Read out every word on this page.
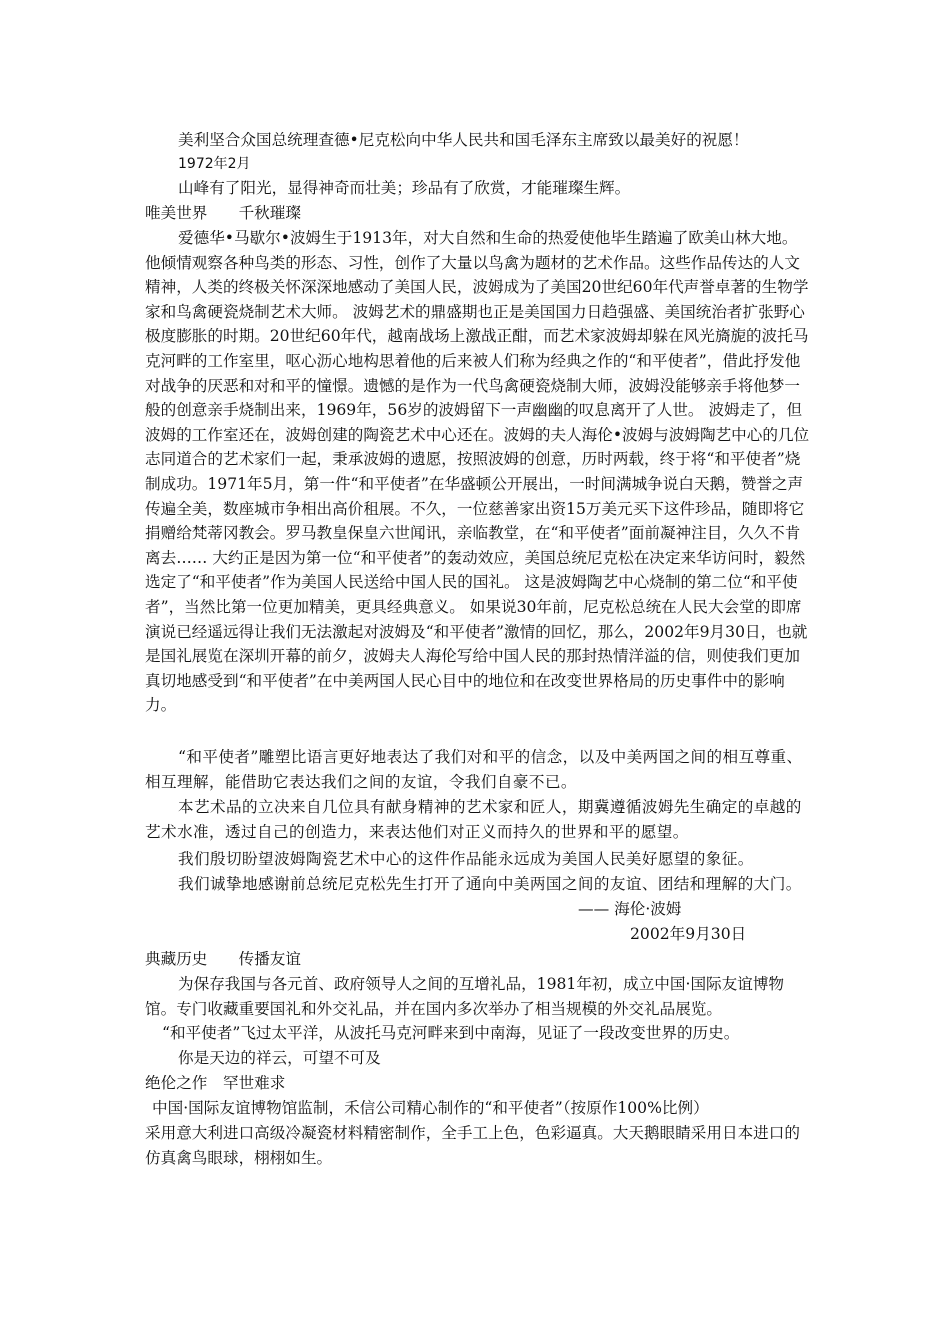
美利坚合众国总统理查德•尼克松向中华人民共和国毛泽东主席致以最美好的祝愿！

1972年2月

山峰有了阳光，显得神奇而壮美；珍品有了欣赏，才能璀璨生辉。

唯美世界　　千秋璀璨

爱德华•马歇尔•波姆生于1913年，对大自然和生命的热爱使他毕生踏遍了欧美山林大地。他倾情观察各种鸟类的形态、习性，创作了大量以鸟禽为题材的艺术作品。这些作品传达的人文精神，人类的终极关怀深深地感动了美国人民，波姆成为了美国20世纪60年代声誉卓著的生物学家和鸟禽硬瓷烧制艺术大师。 波姆艺术的鼎盛期也正是美国国力日趋强盛、美国统治者扩张野心极度膨胀的时期。20世纪60年代，越南战场上激战正酣，而艺术家波姆却躲在风光旖旎的波托马克河畔的工作室里，呕心沥心地构思着他的后来被人们称为经典之作的“和平使者”，借此抒发他对战争的厌恶和对和平的憧憬。遗憾的是作为一代鸟禽硬瓷烧制大师，波姆没能够亲手将他梦一般的创意亲手烧制出来，1969年，56岁的波姆留下一声幽幽的叹息离开了人世。 波姆走了，但波姆的工作室还在，波姆创建的陶瓷艺术中心还在。波姆的夫人海伦•波姆与波姆陶艺中心的几位志同道合的艺术家们一起，秉承波姆的遗愿，按照波姆的创意，历时两载，终于将“和平使者”烧制成功。1971年5月，第一件“和平使者”在华盛顿公开展出，一时间满城争说白天鹅，赞誉之声传遍全美，数座城市争相出高价租展。不久，一位慈善家出资15万美元买下这件珍品，随即将它捐赠给梵蒂冈教会。罗马教皇保皇六世闻讯，亲临教堂，在“和平使者”面前凝神注目，久久不肯离去…… 大约正是因为第一位“和平使者”的轰动效应，美国总统尼克松在决定来华访问时，毅然选定了“和平使者”作为美国人民送给中国人民的国礼。 这是波姆陶艺中心烧制的第二位“和平使者”，当然比第一位更加精美，更具经典意义。 如果说30年前，尼克松总统在人民大会堂的即席演说已经遥远得让我们无法激起对波姆及“和平使者”激情的回忆，那么，2002年9月30日，也就是国礼展览在深圳开幕的前夕，波姆夫人海伦写给中国人民的那封热情洋溢的信，则使我们更加真切地感受到“和平使者”在中美两国人民心目中的地位和在改变世界格局的历史事件中的影响力。

“和平使者”雕塑比语言更好地表达了我们对和平的信念，以及中美两国之间的相互尊重、相互理解，能借助它表达我们之间的友谊，令我们自豪不已。

本艺术品的立决来自几位具有献身精神的艺术家和匠人，期冀遵循波姆先生确定的卓越的艺术水准，透过自己的创造力，来表达他们对正义而持久的世界和平的愿望。

我们殷切盼望波姆陶瓷艺术中心的这件作品能永远成为美国人民美好愿望的象征。

我们诚挚地感谢前总统尼克松先生打开了通向中美两国之间的友谊、团结和理解的大门。

—— 海伦·波姆

2002年9月30日

典藏历史　　传播友谊

为保存我国与各元首、政府领导人之间的互增礼品，1981年初，成立中国·国际友谊博物馆。专门收藏重要国礼和外交礼品，并在国内多次举办了相当规模的外交礼品展览。

“和平使者”飞过太平洋，从波托马克河畔来到中南海，见证了一段改变世界的历史。

你是天边的祥云，可望不可及

绝伦之作　罕世难求

中国·国际友谊博物馆监制，禾信公司精心制作的“和平使者”（按原作100%比例）

采用意大利进口高级冷凝瓷材料精密制作，全手工上色，色彩逼真。大天鹅眼睛采用日本进口的仿真禽鸟眼球，栩栩如生。
